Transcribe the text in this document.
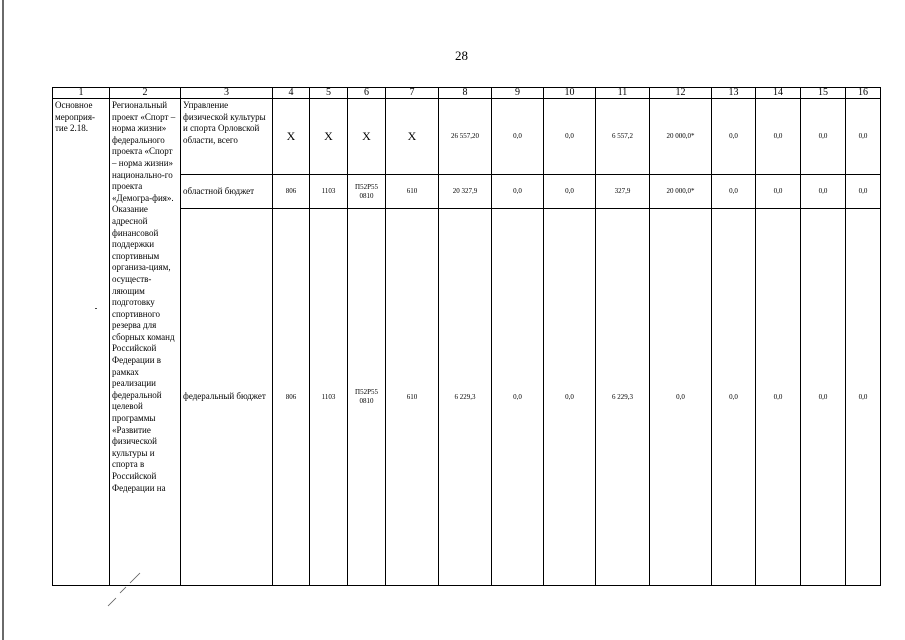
28
1	2	3	4	5	6	7	8	9	10	11	12	13	14	15	16
Основное мероприя-тие 2.18.	Региональный проект «Спорт – норма жизни» федерального проекта «Спорт – норма жизни» национально-го проекта «Демогра-фия». Оказание адресной финансовой поддержки спортивным организа-циям, осуществ-ляющим подготовку спортивного резерва для сборных команд Российской Федерации в рамках реализации федеральной целевой программы «Развитие физической культуры и спорта в Российской Федерации на	Управление физической культуры и спорта Орловской области, всего	Х	Х	Х	Х	26 557,20	0,0	0,0	6 557,2	20 000,0*	0,0	0,0	0,0	0,0
		областной бюджет	806	1103	П52Р55 0810	610	20 327,9	0,0	0,0	327,9	20 000,0*	0,0	0,0	0,0	0,0
		федеральный бюджет	806	1103	П52Р55 0810	610	6 229,3	0,0	0,0	6 229,3	0,0	0,0	0,0	0,0	0,0
